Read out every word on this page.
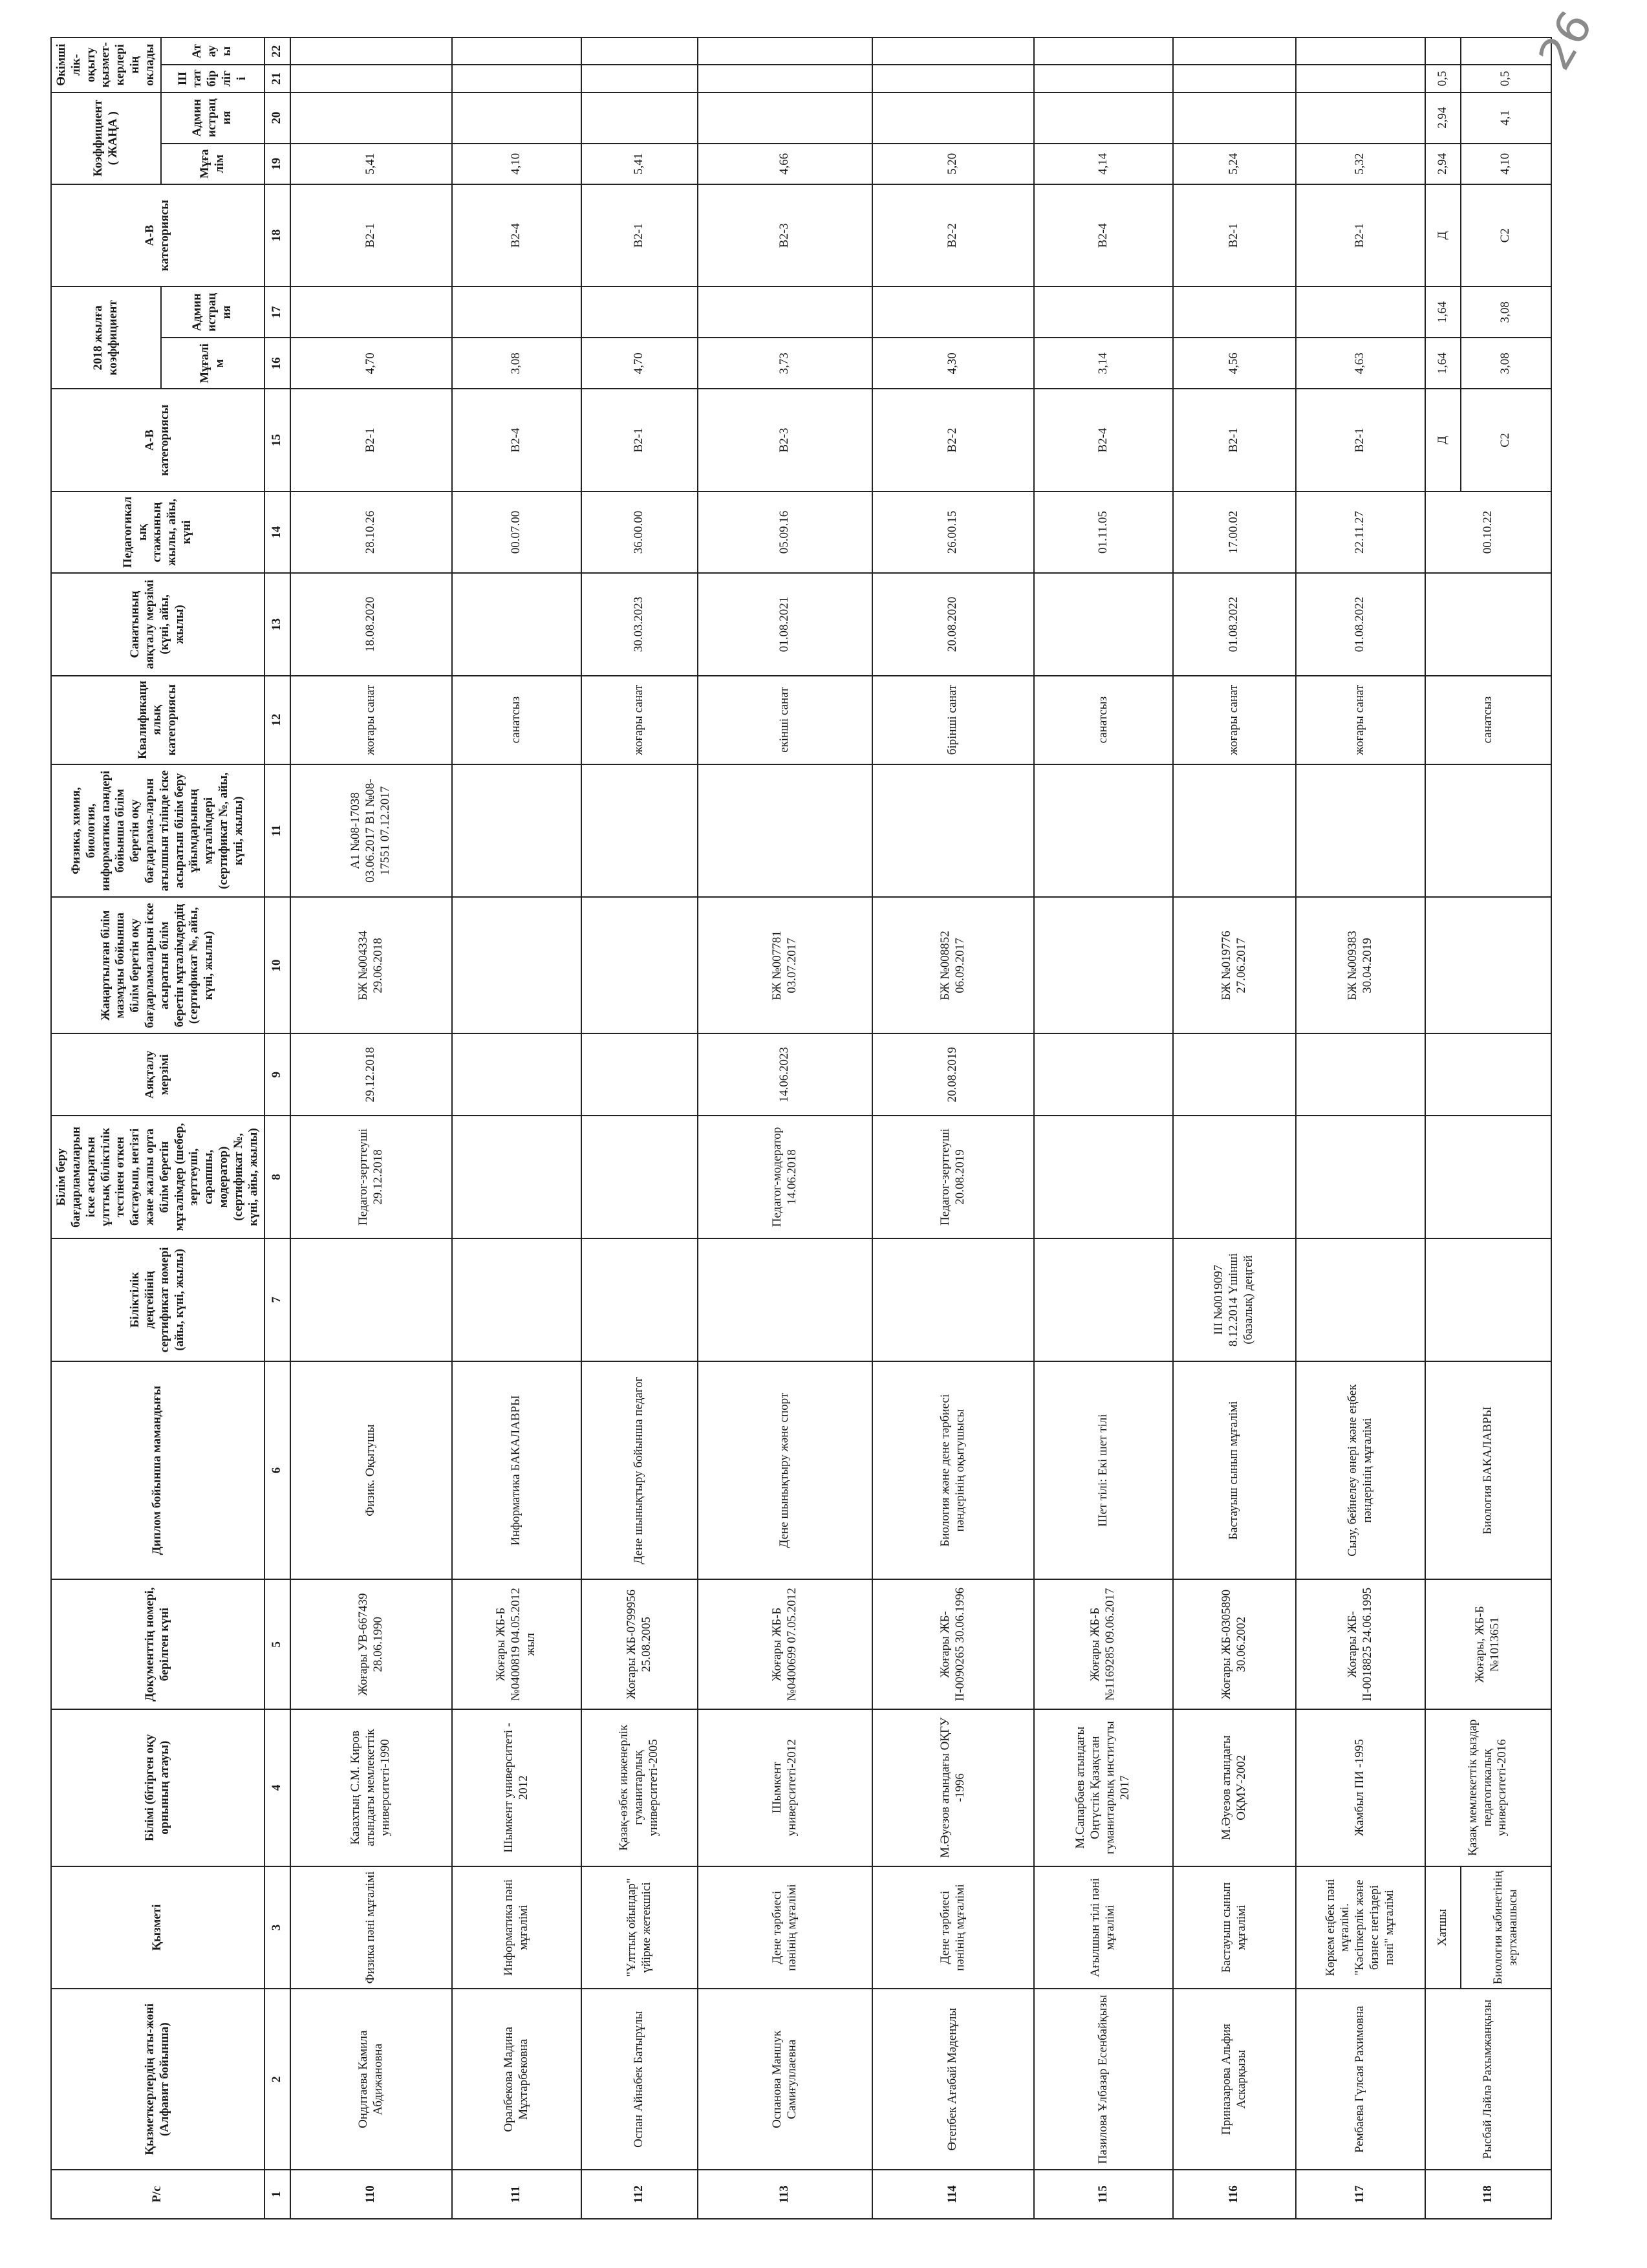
Р/с	Қызметкерлердің аты-жөні (Алфавит бойынша)	Қызметі	Білімі (бітірген оқу орнының атауы)	Документтің номері, берілген күні	Диплом бойынша мамандығы	Біліктілік деңгейінің сертификат номері (айы, күні, жылы)	Білім беру бағдарламаларын іске асыратын ұлттық біліктілік тестінен өткен бастауыш, негізгі және жалпы орта білім беретін мұғалімдер (шебер, зерттеуші, сарапшы, модератор) (сертификат №, күні, айы, жылы)	Аяқталу мерзімі	Жаңартылған білім мазмұны бойынша білім беретін оқу бағдарламаларын іске асыратын білім беретін мұғалімдердің (сертификат №, айы, күні, жылы)	Физика, химия, биология, информатика пәндері бойынша білім беретін оқу бағдарлама-ларын ағылшын тілінде іске асыратын білім беру ұйымдарының мұғалімдері (сертификат №, айы, күні, жылы)	Квалификациялық категориясы	Санатының аяқталу мерзімі (күні, айы, жылы)	Педагогикалық стажының жылы, айы, күні	А-В категориясы	2018 жылға коэффициент		А-В категориясы	Коэффициент ( ЖАҢА )		Өкімшілік-оқыту қызмет-керлерінің оклады	
															Мұғалім	Администрация		Мұғалім	Администрация	Штат бірлігі	Атауы
1	2	3	4	5	6	7	8	9	10	11	12	13	14	15	16	17	18	19	20	21	22
110	Ондлтаева Камила Абдижановна	Физика пәні мұғалімі	Казахтың С.М. Киров атындағы мемлекеттік университеті-1990	Жоғары УВ-667439 28.06.1990	Физик. Оқытушы		Педагог-зерттеуші 29.12.2018	29.12.2018	БЖ №004334 29.06.2018	А1 №08-17038 03.06.2017 В1 №08-17551 07.12.2017	жоғары санат	18.08.2020	28.10.26	В2-1	4,70		В2-1	5,41			
111	Оралбекова Мадина Мұхтарбековна	Информатика пәні мұғалімі	Шымкент университеті - 2012	Жоғары ЖБ-Б №0400819 04.05.2012 жыл	Информатика БАКАЛАВРЫ						санатсыз		00.07.00	В2-4	3,08		В2-4	4,10			
112	Оспан Айнабек Батырұлы	"Ұлттық ойындар" үйірме жетекшісі	Қазақ-өзбек инженерлік гуманитарлық университеті-2005	Жоғары ЖБ-0799956 25.08.2005	Дене шынықтыру бойынша педагог						жоғары санат	30.03.2023	36.00.00	В2-1	4,70		В2-1	5,41			
113	Оспанова Маншук Самиғуллаевна	Дене тәрбиесі пәнінің мұғалімі	Шымкент университеті-2012	Жоғары ЖБ-Б №0400699 07.05.2012	Дене шынықтыру және спорт		Педагог-модератор 14.06.2018	14.06.2023	БЖ №007781 03.07.2017		екінші санат	01.08.2021	05.09.16	В2-3	3,73		В2-3	4,66			
114	Өтепбек Ағабай Мәденұлы	Дене тәрбиесі пәнінің мұғалімі	М.Әуезов атындағы ОҚГУ -1996	Жоғары ЖБ-ІІ-0090265 30.06.1996	Биология және дене тәрбиесі пәндерінің оқытушысы		Педагог-зерттеуші 20.08.2019	20.08.2019	БЖ №008852 06.09.2017		бірінші санат	20.08.2020	26.00.15	В2-2	4,30		В2-2	5,20			
115	Пазилова Ұлбазар Есенбайқызы	Ағылшын тілі пәні мұғалімі	М.Сапарбаев атындағы Оңтүстік Қазақстан гуманитарлық институты 2017	Жоғары ЖБ-Б №1169285 09.06.2017	Шет тілі: Екі шет тілі						санатсыз		01.11.05	В2-4	3,14		В2-4	4,14			
116	Приназарова Альфия Аскарқызы	Бастауыш сынып мұғалімі	М.Әуезов атындағы ОҚМУ-2002	Жоғары ЖБ-0305890 30.06.2002	Бастауыш сынып мұғалімі	ІІІ №0019097 8.12.2014 Үшінші (базалық) деңгей			БЖ №019776 27.06.2017		жоғары санат	01.08.2022	17.00.02	В2-1	4,56		В2-1	5,24			
117	Рембаева Гүлсая Рахимовна	Көркем еңбек пәні мұғалімі. "Кәсіпкерлік және бизнес негіздері пәні" мұғалімі	Жамбыл ПИ -1995	Жоғары ЖБ-ІІ-0018825 24.06.1995	Сызу, бейнелеу өнері және еңбек пәндерінің мұғалімі				БЖ №009383 30.04.2019		жоғары санат	01.08.2022	22.11.27	В2-1	4,63		В2-1	5,32			
118	Рысбай Ләйлә Рахымжанқызы	Хатшы	Қазақ мемлекеттік қыздар педагогикалық университеті-2016	Жоғары, ЖБ-Б №1013651	Биология БАКАЛАВРЫ						санатсыз		00.10.22	Д	1,64	1,64	Д	2,94	2,94	0,5	
		Биология кабинетінің зертханашысы												С2	3,08	3,08	С2	4,10	4,1	0,5	26
